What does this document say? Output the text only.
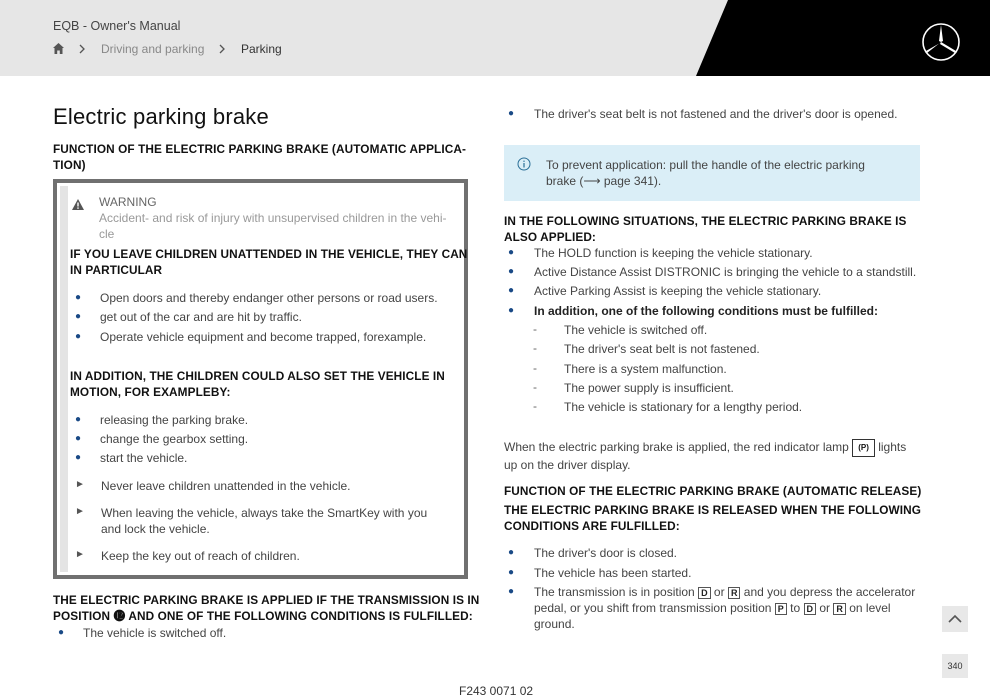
EQB - Owner's Manual
Driving and parking	Parking
Electric parking brake
FUNCTION OF THE ELECTRIC PARKING BRAKE (AUTOMATIC APPLICA-
TION)
WARNING
Accident- and risk of injury with unsupervised children in the vehi-
cle
IF YOU LEAVE CHILDREN UNATTENDED IN THE VEHICLE, THEY CAN
IN PARTICULAR
● Open doors and thereby endanger other persons or road users.
● get out of the car and are hit by traffic.
● Operate vehicle equipment and become trapped, forexample.
IN ADDITION, THE CHILDREN COULD ALSO SET THE VEHICLE IN
MOTION, FOR EXAMPLEBY:
● releasing the parking brake.
● change the gearbox setting.
● start the vehicle.
► Never leave children unattended in the vehicle.
► When leaving the vehicle, always take the SmartKey with you
and lock the vehicle.
► Keep the key out of reach of children.
THE ELECTRIC PARKING BRAKE IS APPLIED IF THE TRANSMISSION IS IN
POSITION ⓬ AND ONE OF THE FOLLOWING CONDITIONS IS FULFILLED:
● The vehicle is switched off.
● The driver's seat belt is not fastened and the driver's door is opened.
To prevent application: pull the handle of the electric parking
brake (⟶ page 341).
IN THE FOLLOWING SITUATIONS, THE ELECTRIC PARKING BRAKE IS
ALSO APPLIED:
● The HOLD function is keeping the vehicle stationary.
● Active Distance Assist DISTRONIC is bringing the vehicle to a standstill.
● Active Parking Assist is keeping the vehicle stationary.
● In addition, one of the following conditions must be fulfilled:
- The vehicle is switched off.
- The driver's seat belt is not fastened.
- There is a system malfunction.
- The power supply is insufficient.
- The vehicle is stationary for a lengthy period.
When the electric parking brake is applied, the red indicator lamp (P) lights
up on the driver display.
FUNCTION OF THE ELECTRIC PARKING BRAKE (AUTOMATIC RELEASE)
THE ELECTRIC PARKING BRAKE IS RELEASED WHEN THE FOLLOWING
CONDITIONS ARE FULFILLED:
● The driver's door is closed.
● The vehicle has been started.
● The transmission is in position D or R and you depress the accelerator
pedal, or you shift from transmission position P to D or R on level
ground.
340
F243 0071 02
